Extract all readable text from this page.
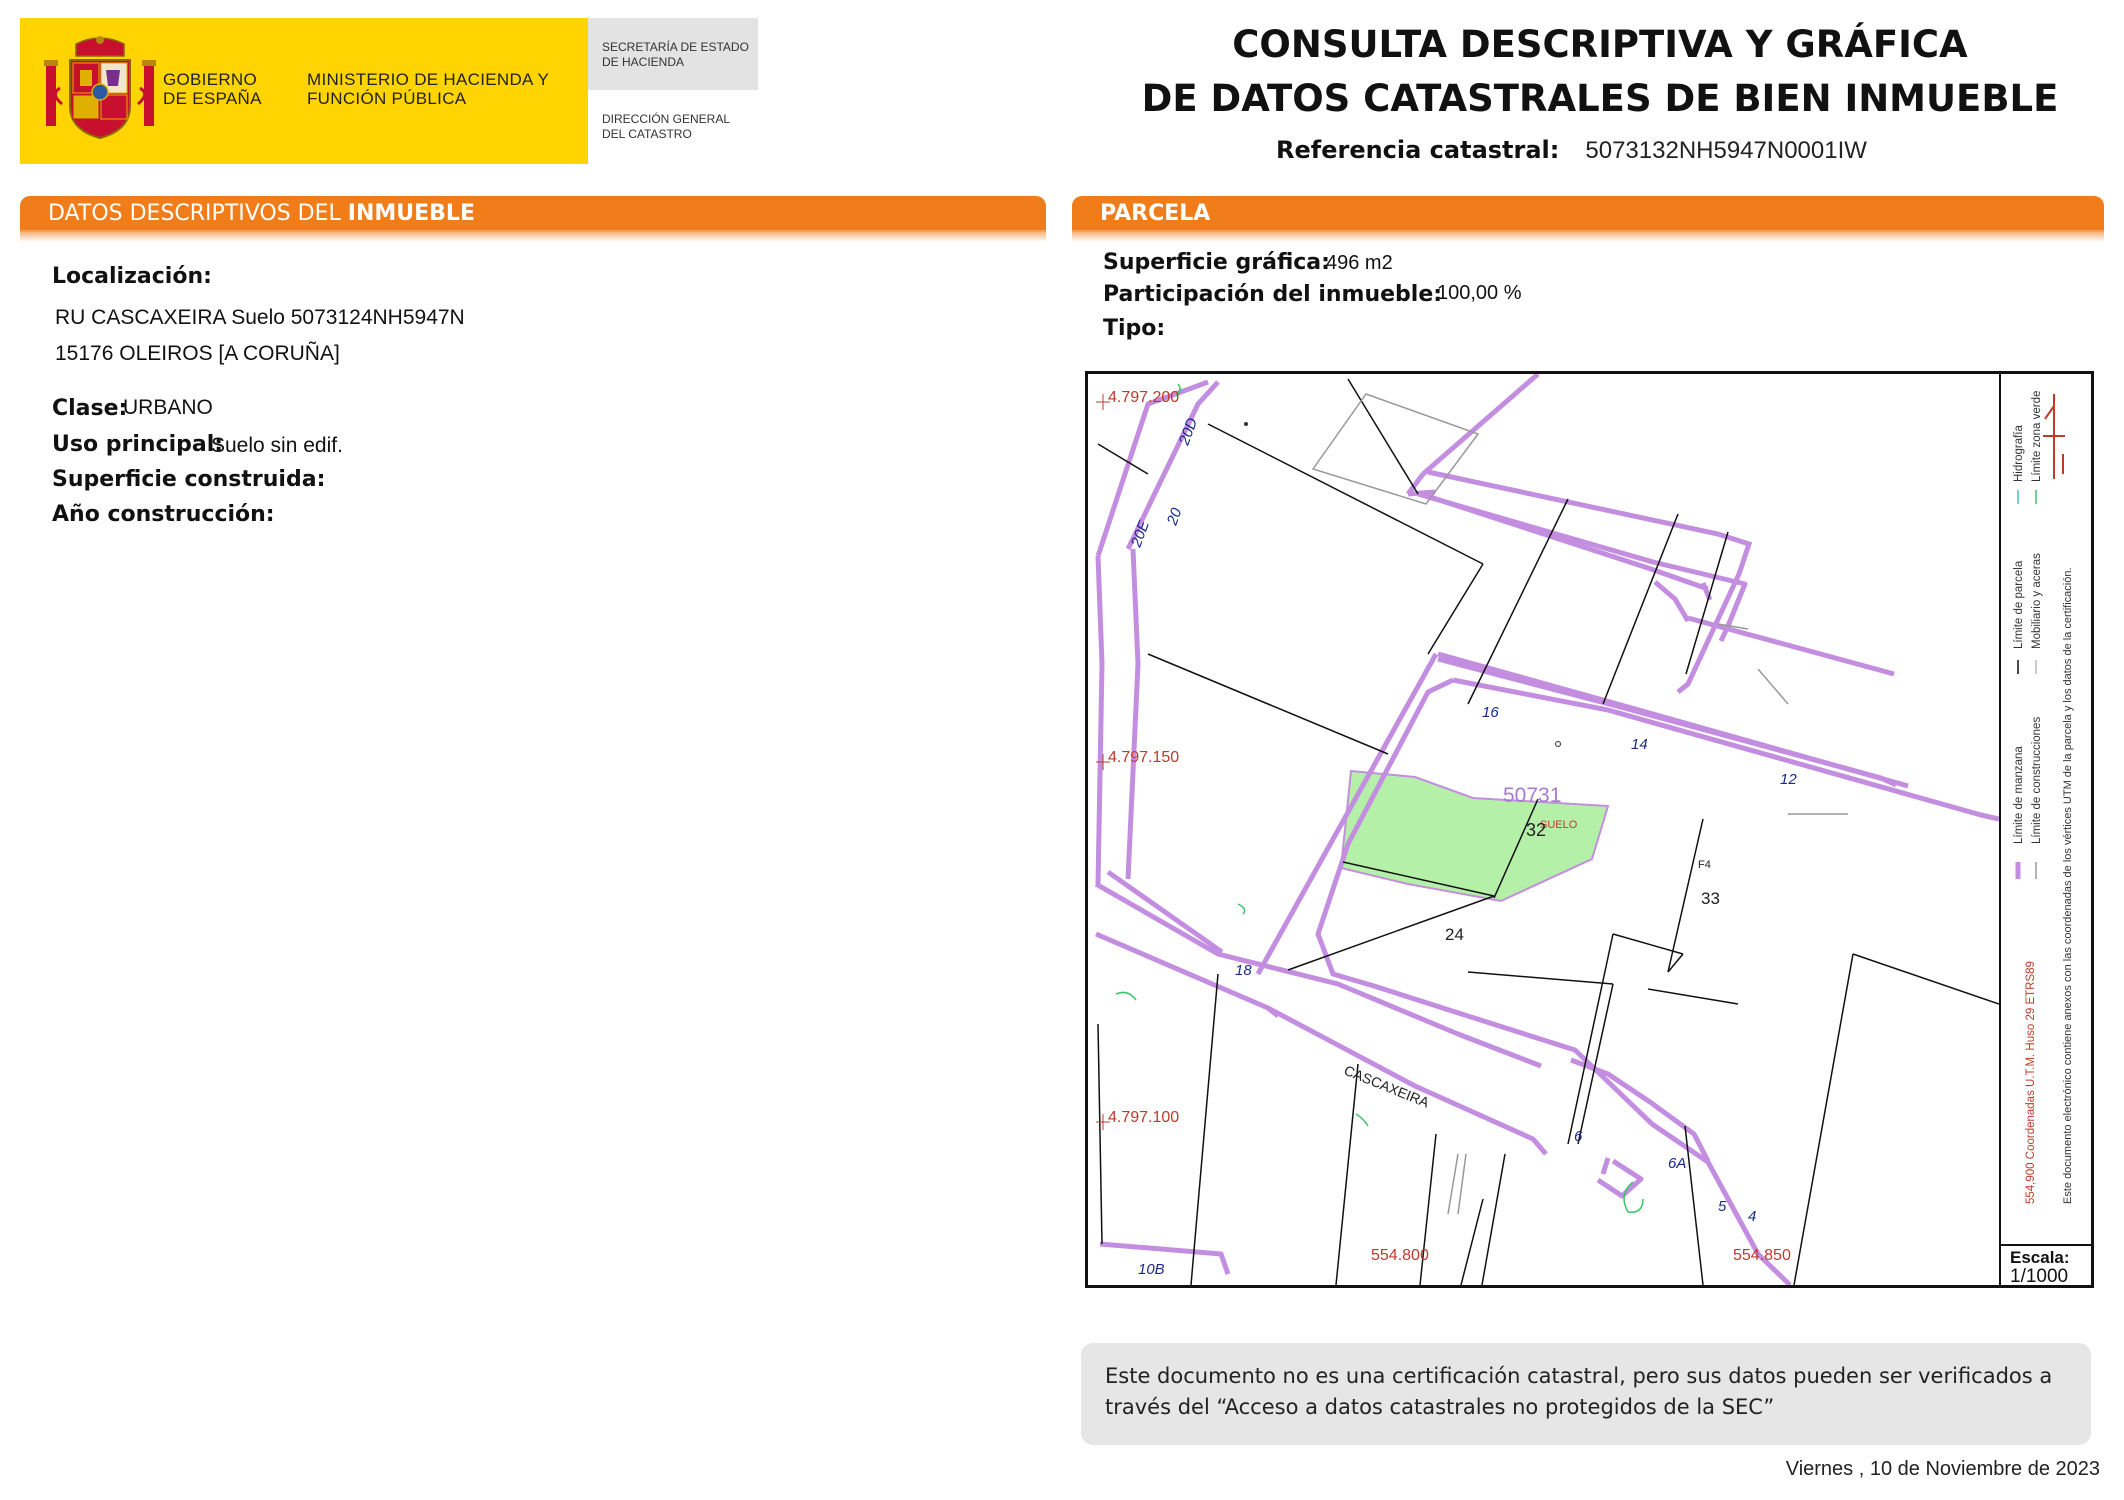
GOBIERNO DE ESPAÑA
MINISTERIO DE HACIENDA Y FUNCIÓN PÚBLICA
SECRETARÍA DE ESTADO DE HACIENDA
DIRECCIÓN GENERAL DEL CATASTRO
CONSULTA DESCRIPTIVA Y GRÁFICA
DE DATOS CATASTRALES DE BIEN INMUEBLE
Referencia catastral: 5073132NH5947N0001IW
DATOS DESCRIPTIVOS DEL INMUEBLE	PARCELA
Localización:
RU CASCAXEIRA Suelo 5073124NH5947N
15176 OLEIROS [A CORUÑA]
Clase:
URBANO
Uso principal:
Suelo sin edif.
Superficie construida:
Año construcción:
Superficie gráfica:
496 m2
Participación del inmueble:
100,00 %
Tipo:
4.797.200
4.797.150
4.797.100
554.800	554.850
50731
SUELO
32
24
33
F4
16
14
12
18
6
6A
5
4
10B
20
20D
20E
CASCAXEIRA
Límite de manzana Límite de construcciones
Límite de parcela Mobiliario y aceras
Hidrografía Límite zona verde
554,900 Coordenadas U.T.M. Huso 29 ETRS89 Este documento electrónico contiene anexos con las coordenadas de los vértices UTM de la parcela y los datos de la certificación.
Escala:
1/1000
Este documento no es una certificación catastral, pero sus datos pueden ser verificados a
través del “Acceso a datos catastrales no protegidos de la SEC”
Viernes , 10 de Noviembre de 2023
